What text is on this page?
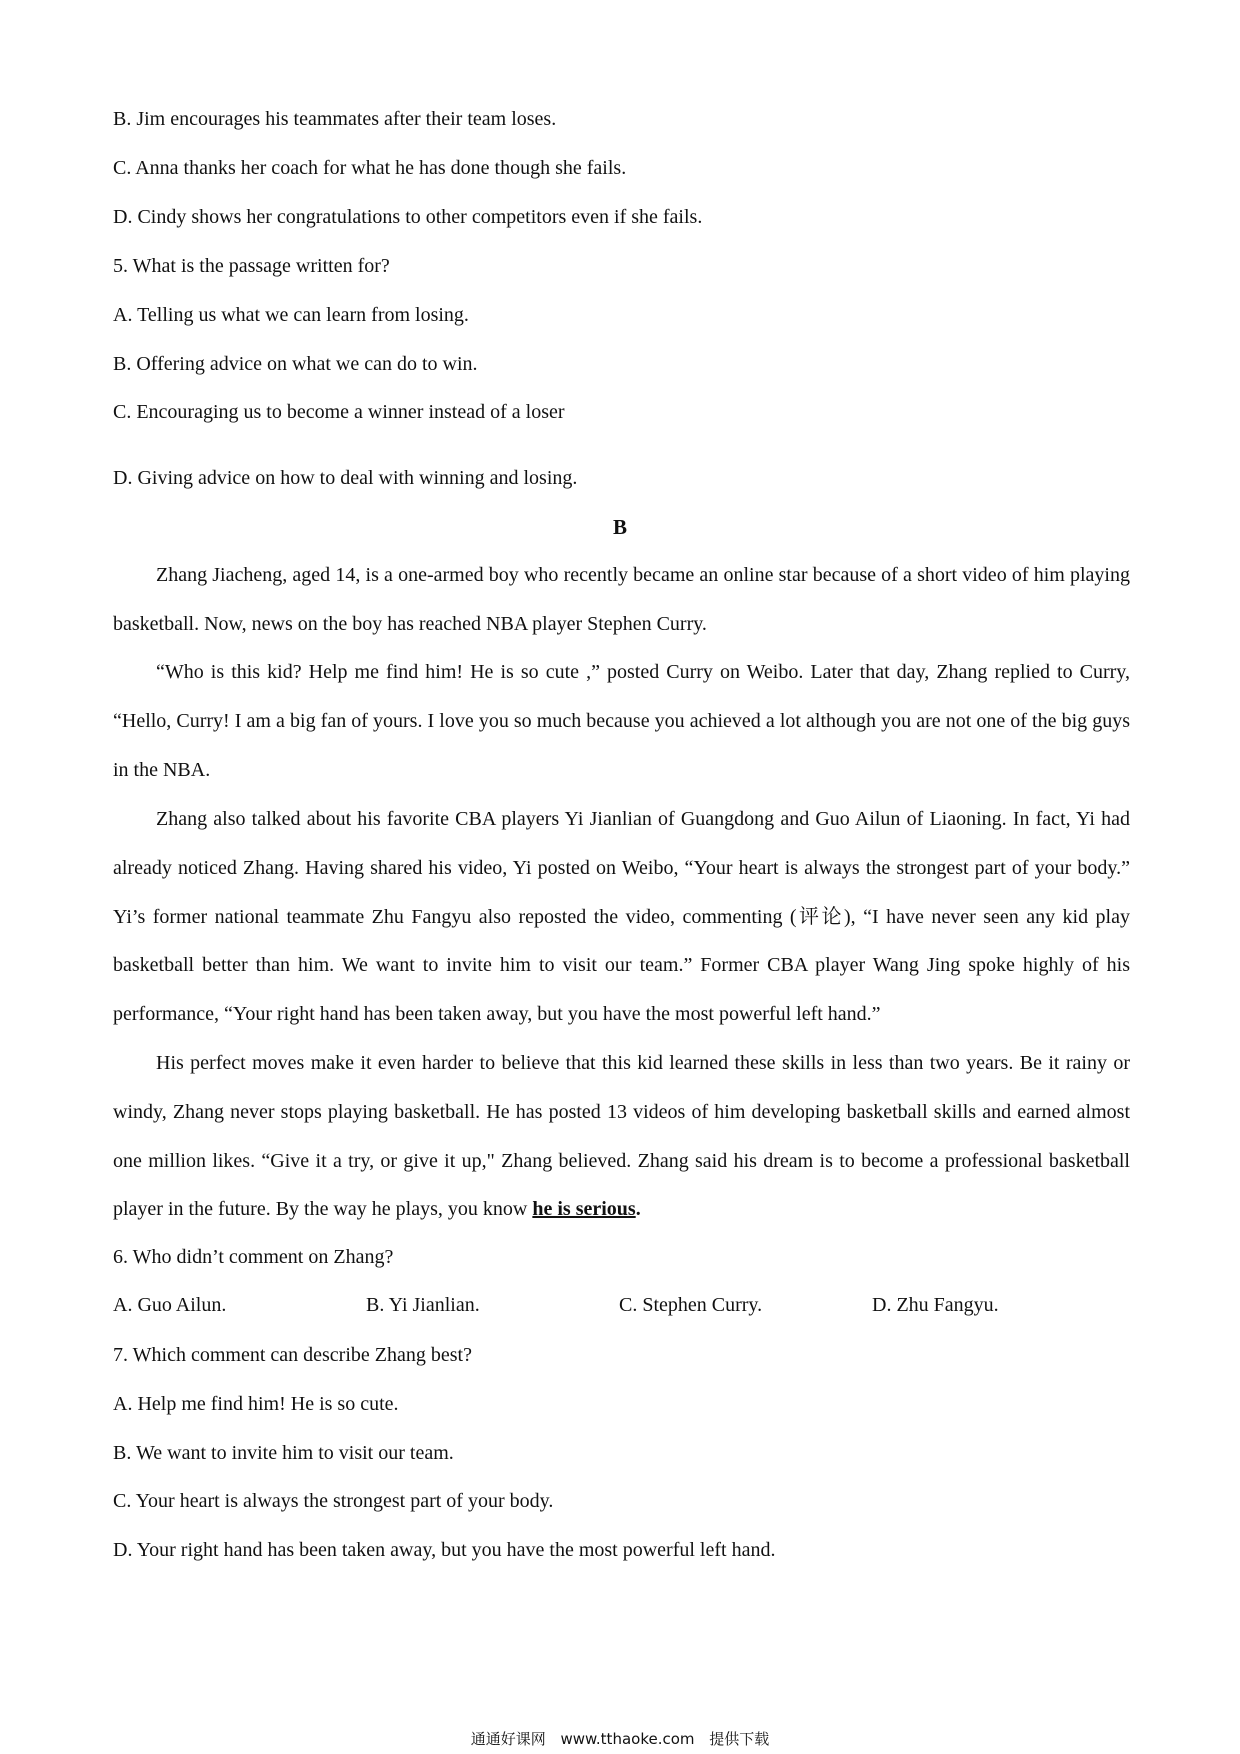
B. Jim encourages his teammates after their team loses.
C. Anna thanks her coach for what he has done though she fails.
D. Cindy shows her congratulations to other competitors even if she fails.
5. What is the passage written for?
A. Telling us what we can learn from losing.
B. Offering advice on what we can do to win.
C. Encouraging us to become a winner instead of a loser
D. Giving advice on how to deal with winning and losing.
B

Zhang Jiacheng, aged 14, is a one-armed boy who recently became an online star because of a short video of him playing basketball. Now, news on the boy has reached NBA player Stephen Curry.

“Who is this kid? Help me find him! He is so cute ,” posted Curry on Weibo. Later that day, Zhang replied to Curry, “Hello, Curry! I am a big fan of yours. I love you so much because you achieved a lot although you are not one of the big guys in the NBA.

Zhang also talked about his favorite CBA players Yi Jianlian of Guangdong and Guo Ailun of Liaoning. In fact, Yi had already noticed Zhang. Having shared his video, Yi posted on Weibo, “Your heart is always the strongest part of your body.” Yi’s former national teammate Zhu Fangyu also reposted the video, commenting (评论), “I have never seen any kid play basketball better than him. We want to invite him to visit our team.” Former CBA player Wang Jing spoke highly of his performance, “Your right hand has been taken away, but you have the most powerful left hand.”

His perfect moves make it even harder to believe that this kid learned these skills in less than two years. Be it rainy or windy, Zhang never stops playing basketball. He has posted 13 videos of him developing basketball skills and earned almost one million likes. “Give it a try, or give it up," Zhang believed. Zhang said his dream is to become a professional basketball player in the future. By the way he plays, you know he is serious.

6. Who didn’t comment on Zhang?
A. Guo Ailun.	B. Yi Jianlian.	C. Stephen Curry.	D. Zhu Fangyu.
7. Which comment can describe Zhang best?
A. Help me find him! He is so cute.
B. We want to invite him to visit our team.
C. Your heart is always the strongest part of your body.
D. Your right hand has been taken away, but you have the most powerful left hand.
通通好课网 www.tthaoke.com 提供下载
